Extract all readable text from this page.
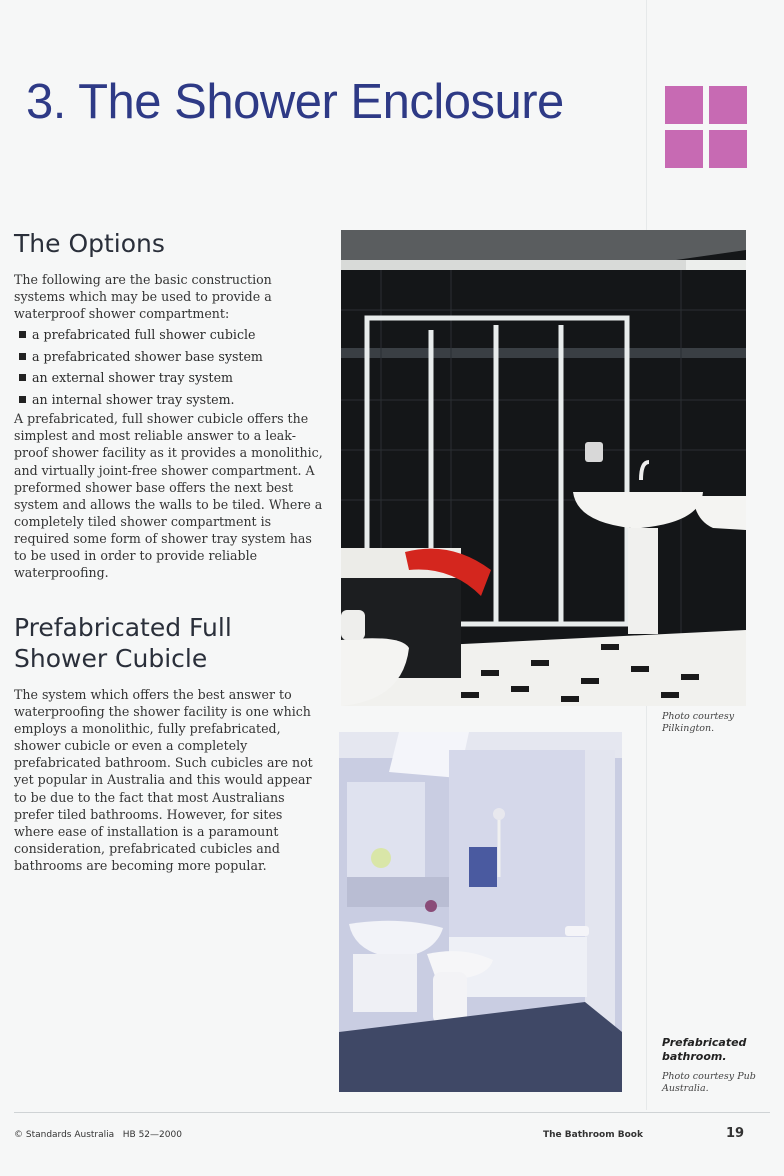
3. The Shower Enclosure
The Options

The following are the basic construction systems which may be used to provide a waterproof shower compartment:

a prefabricated full shower cubicle
a prefabricated shower base system
an external shower tray system
an internal shower tray system.

A prefabricated, full shower cubicle offers the simplest and most reliable answer to a leak-proof shower facility as it provides a monolithic, and virtually joint-free shower compartment. A preformed shower base offers the next best system and allows the walls to be tiled. Where a completely tiled shower compartment is required some form of shower tray system has to be used in order to provide reliable waterproofing.

Prefabricated Full
Shower Cubicle

The system which offers the best answer to waterproofing the shower facility is one which employs a monolithic, fully prefabricated, shower cubicle or even a completely prefabricated bathroom. Such cubicles are not yet popular in Australia and this would appear to be due to the fact that most Australians prefer tiled bathrooms. However, for sites where ease of installation is a paramount consideration, prefabricated cubicles and bathrooms are becoming more popular.

Photo courtesy
Pilkington.
Prefabricated
bathroom.
Photo courtesy Pub
Australia.
© Standards Australia HB 52—2000	The Bathroom Book	19
